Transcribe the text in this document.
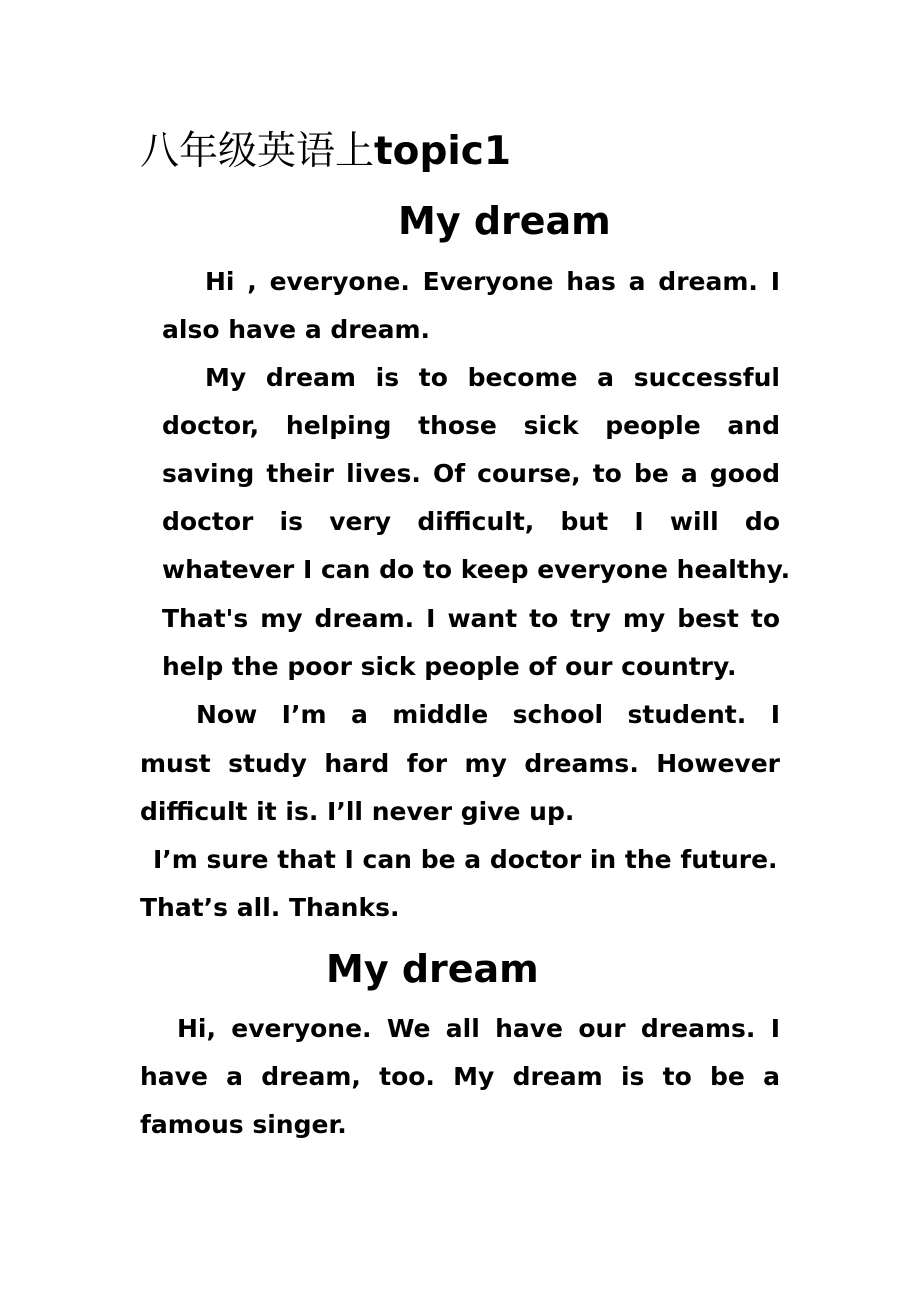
八年级英语上topic1
My dream
Hi , everyone. Everyone has a dream. I
also have a dream.
My dream is to become a successful
doctor, helping those sick people and
saving their lives. Of course, to be a good
doctor is very difficult, but I will do
whatever I can do to keep everyone healthy.
That's my dream. I want to try my best to
help the poor sick people of our country.
Now I’m a middle school student. I
must study hard for my dreams. However
difficult it is. I’ll never give up.
I’m sure that I can be a doctor in the future.
That’s all. Thanks.
My dream
Hi, everyone. We all have our dreams. I
have a dream, too. My dream is to be a
famous singer.
